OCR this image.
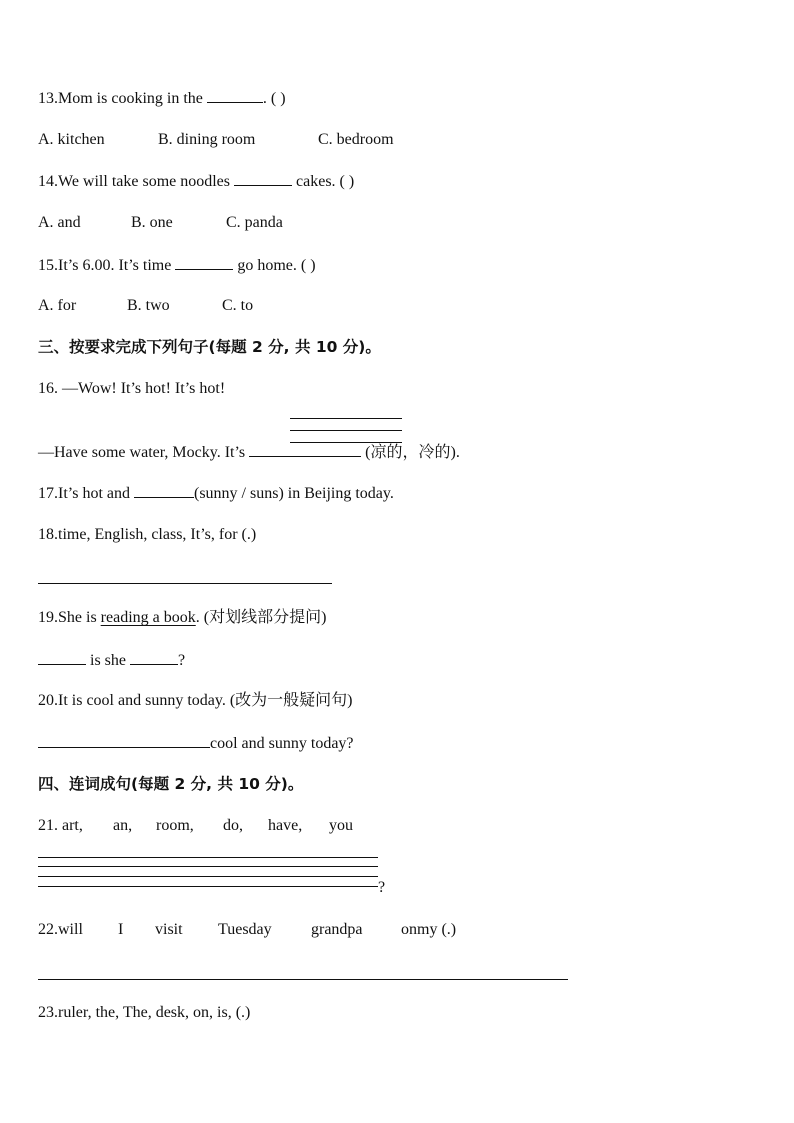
13.Mom is cooking in the	. ( )
A. kitchen	B. dining room	C. bedroom
14.We will take some noodles	cakes. ( )
A. and	B. one	C. panda
15.It’s 6.00. It’s time	go home. ( )
A. for	B. two	C. to
三、按要求完成下列句子(每题 2 分, 共 10 分)。
16. —Wow! It’s hot! It’s hot!
—Have some water, Mocky. It’s	(凉的，冷的).
17.It’s hot and	(sunny / suns) in Beijing today.
18.time, English, class, It’s, for (.)
19.She is reading a book. (对划线部分提问)
is she	?
20.It is cool and sunny today. (改为一般疑问句)
cool and sunny today?
四、连词成句(每题 2 分, 共 10 分)。
21. art, an, room, do, have, you
?
22.will I visit Tuesday grandpa onmy (.)
23.ruler, the, The, desk, on, is, (.)
